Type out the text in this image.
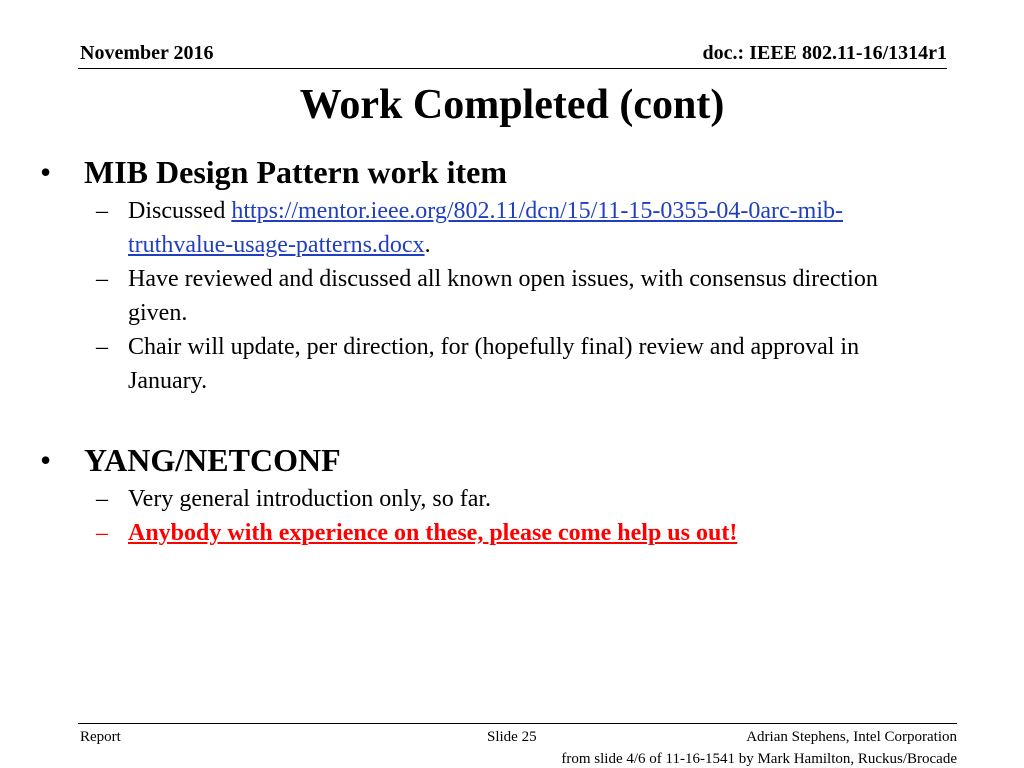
November 2016	doc.: IEEE 802.11-16/1314r1
Work Completed (cont)
• MIB Design Pattern work item
– Discussed https://mentor.ieee.org/802.11/dcn/15/11-15-0355-04-0arc-mib-truthvalue-usage-patterns.docx.
– Have reviewed and discussed all known open issues, with consensus direction given.
– Chair will update, per direction, for (hopefully final) review and approval in January.
• YANG/NETCONF
– Very general introduction only, so far.
– Anybody with experience on these, please come help us out!
Report	Slide 25	Adrian Stephens, Intel Corporation
from slide 4/6 of 11-16-1541 by Mark Hamilton, Ruckus/Brocade
